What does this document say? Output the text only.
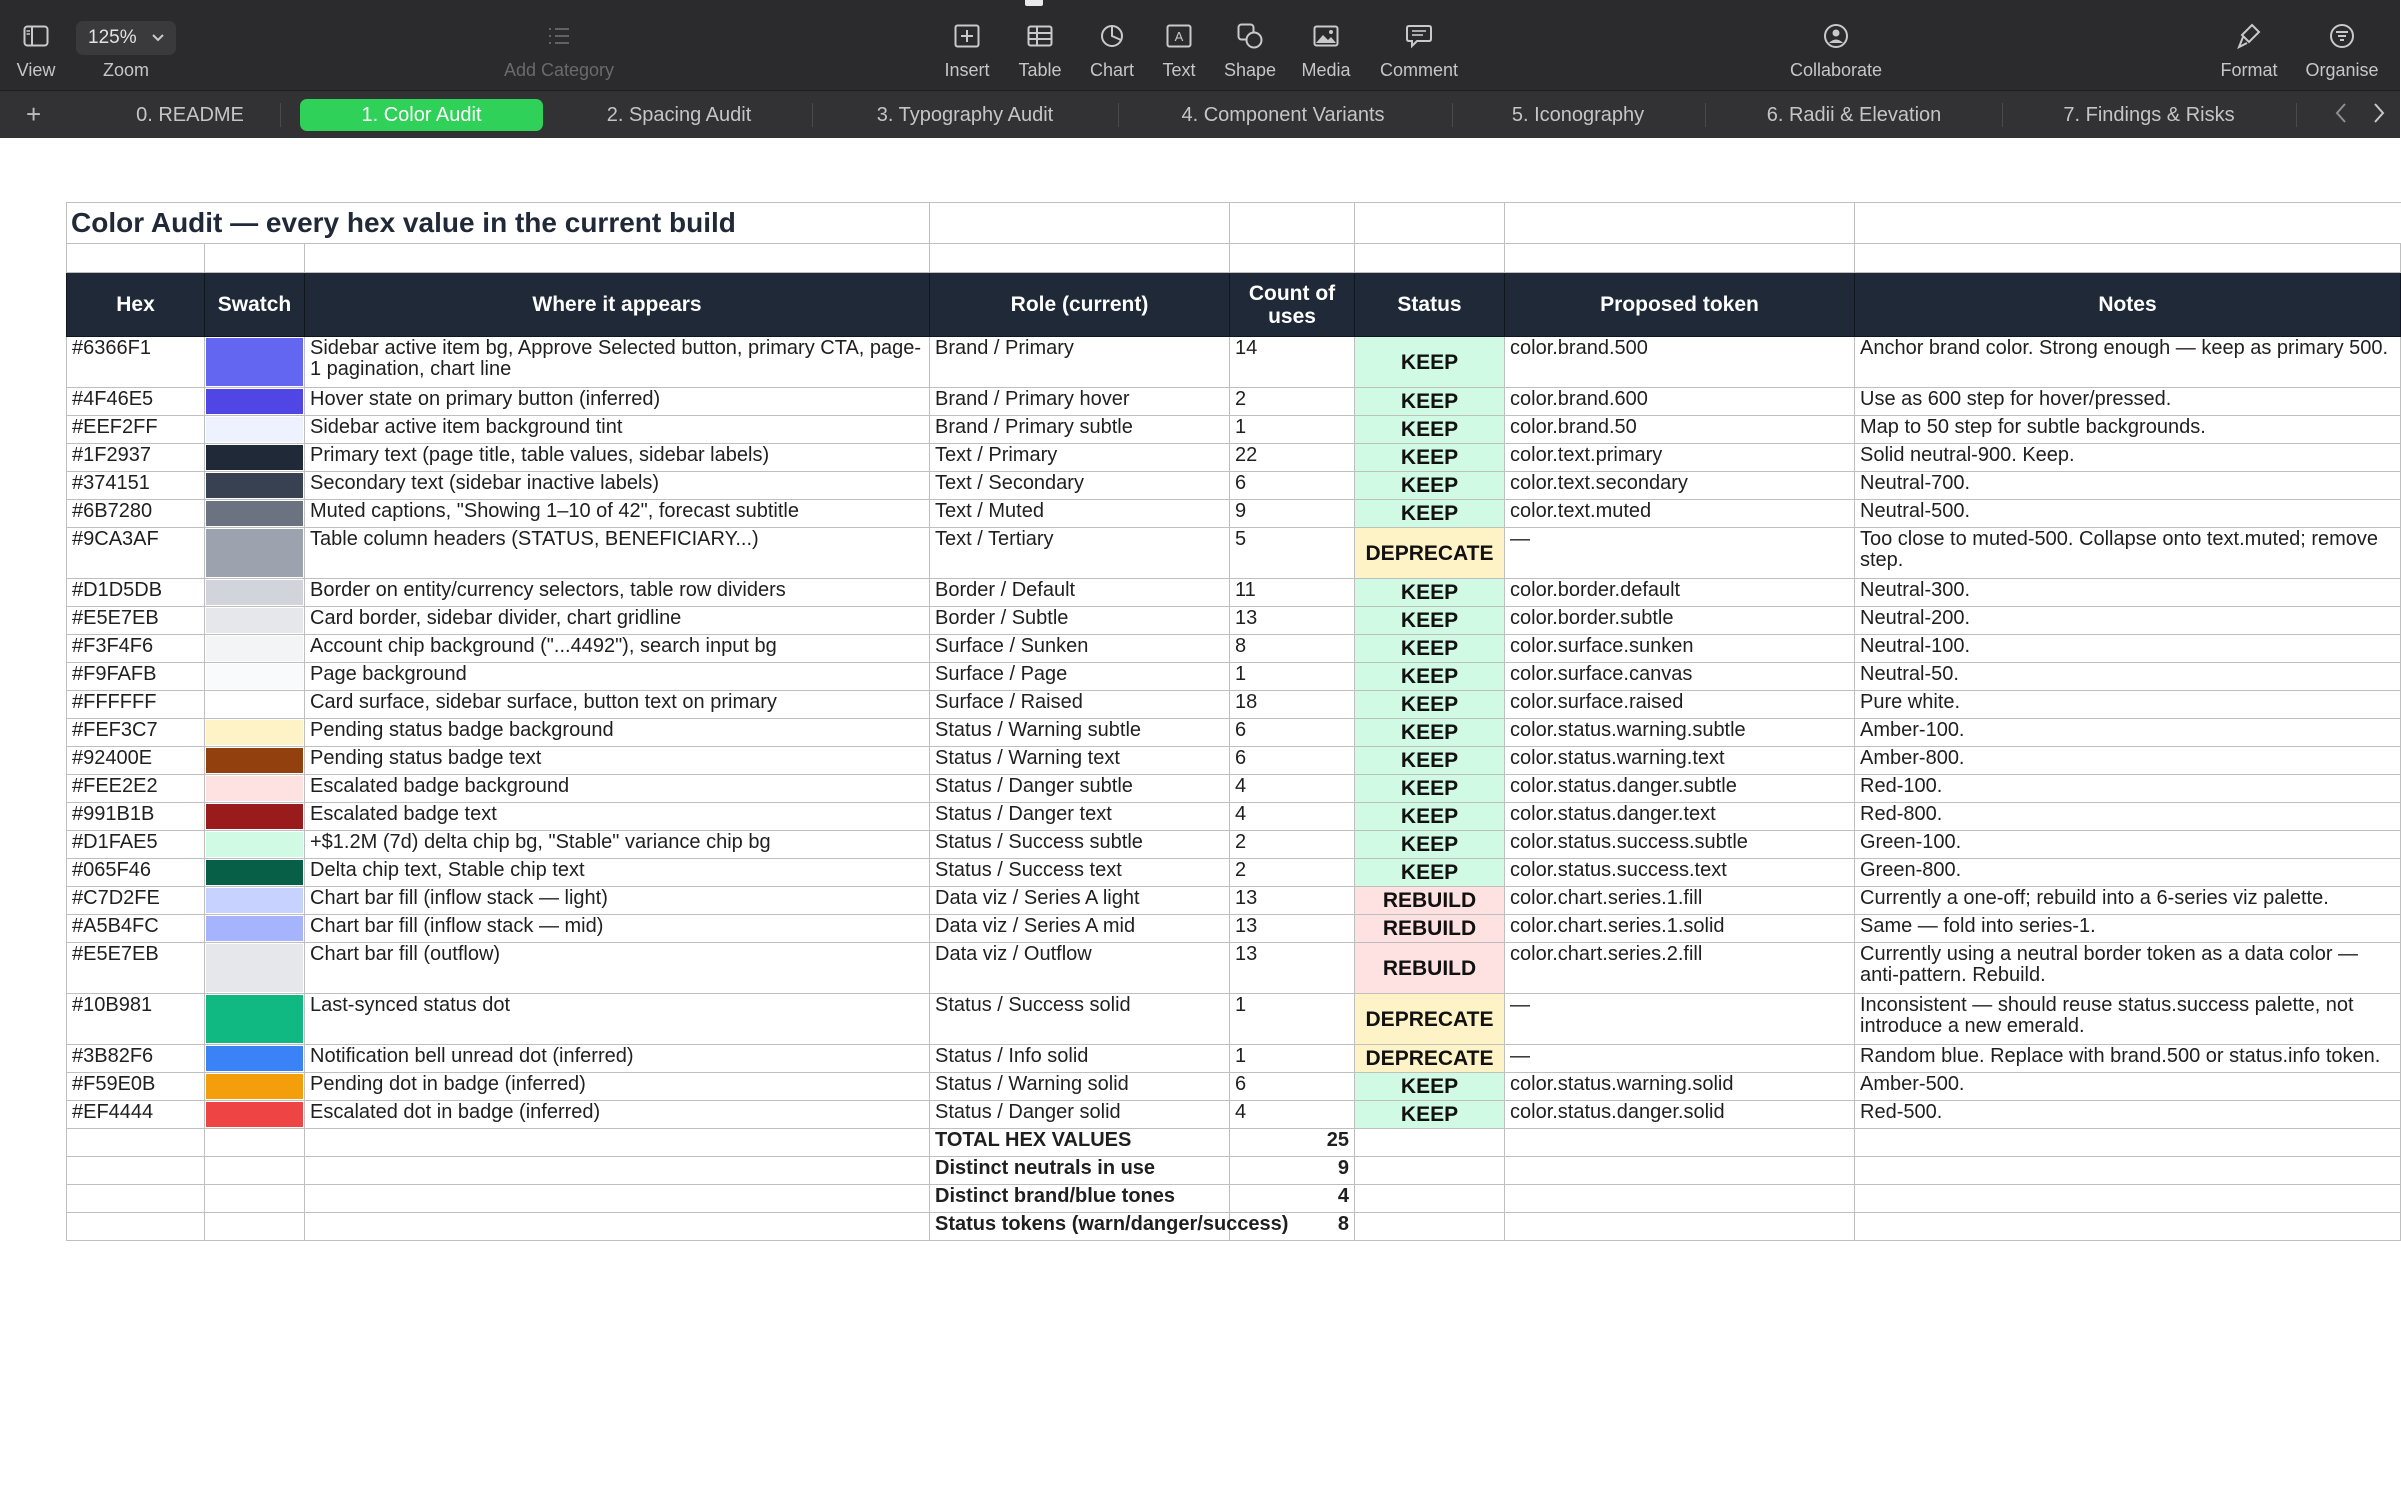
View
125%
Zoom	Add Category	Insert Table Chart
A
Text Shape Media Comment	Collaborate	Format Organise
+	0. README	1. Color Audit	2. Spacing Audit	3. Typography Audit	4. Component Variants	5. Iconography	6. Radii & Elevation	7. Findings & Risks
Color Audit — every hex value in the current build							

Hex	Swatch	Where it appears	Role (current)	Count of uses	Status	Proposed token	Notes
#6366F1		Sidebar active item bg, Approve Selected button, primary CTA, page-1 pagination, chart line	Brand / Primary	14	KEEP	color.brand.500	Anchor brand color. Strong enough — keep as primary 500.
#4F46E5		Hover state on primary button (inferred)	Brand / Primary hover	2	KEEP	color.brand.600	Use as 600 step for hover/pressed.
#EEF2FF		Sidebar active item background tint	Brand / Primary subtle	1	KEEP	color.brand.50	Map to 50 step for subtle backgrounds.
#1F2937		Primary text (page title, table values, sidebar labels)	Text / Primary	22	KEEP	color.text.primary	Solid neutral-900. Keep.
#374151		Secondary text (sidebar inactive labels)	Text / Secondary	6	KEEP	color.text.secondary	Neutral-700.
#6B7280		Muted captions, "Showing 1–10 of 42", forecast subtitle	Text / Muted	9	KEEP	color.text.muted	Neutral-500.
#9CA3AF		Table column headers (STATUS, BENEFICIARY...)	Text / Tertiary	5	DEPRECATE	—	Too close to muted-500. Collapse onto text.muted; remove step.
#D1D5DB		Border on entity/currency selectors, table row dividers	Border / Default	11	KEEP	color.border.default	Neutral-300.
#E5E7EB		Card border, sidebar divider, chart gridline	Border / Subtle	13	KEEP	color.border.subtle	Neutral-200.
#F3F4F6		Account chip background ("...4492"), search input bg	Surface / Sunken	8	KEEP	color.surface.sunken	Neutral-100.
#F9FAFB		Page background	Surface / Page	1	KEEP	color.surface.canvas	Neutral-50.
#FFFFFF		Card surface, sidebar surface, button text on primary	Surface / Raised	18	KEEP	color.surface.raised	Pure white.
#FEF3C7		Pending status badge background	Status / Warning subtle	6	KEEP	color.status.warning.subtle	Amber-100.
#92400E		Pending status badge text	Status / Warning text	6	KEEP	color.status.warning.text	Amber-800.
#FEE2E2		Escalated badge background	Status / Danger subtle	4	KEEP	color.status.danger.subtle	Red-100.
#991B1B		Escalated badge text	Status / Danger text	4	KEEP	color.status.danger.text	Red-800.
#D1FAE5		+$1.2M (7d) delta chip bg, "Stable" variance chip bg	Status / Success subtle	2	KEEP	color.status.success.subtle	Green-100.
#065F46		Delta chip text, Stable chip text	Status / Success text	2	KEEP	color.status.success.text	Green-800.
#C7D2FE		Chart bar fill (inflow stack — light)	Data viz / Series A light	13	REBUILD	color.chart.series.1.fill	Currently a one-off; rebuild into a 6-series viz palette.
#A5B4FC		Chart bar fill (inflow stack — mid)	Data viz / Series A mid	13	REBUILD	color.chart.series.1.solid	Same — fold into series-1.
#E5E7EB		Chart bar fill (outflow)	Data viz / Outflow	13	REBUILD	color.chart.series.2.fill	Currently using a neutral border token as a data color — anti-pattern. Rebuild.
#10B981		Last-synced status dot	Status / Success solid	1	DEPRECATE	—	Inconsistent — should reuse status.success palette, not introduce a new emerald.
#3B82F6		Notification bell unread dot (inferred)	Status / Info solid	1	DEPRECATE	—	Random blue. Replace with brand.500 or status.info token.
#F59E0B		Pending dot in badge (inferred)	Status / Warning solid	6	KEEP	color.status.warning.solid	Amber-500.
#EF4444		Escalated dot in badge (inferred)	Status / Danger solid	4	KEEP	color.status.danger.solid	Red-500.
			TOTAL HEX VALUES	25			
			Distinct neutrals in use	9			
			Distinct brand/blue tones	4			
			Status tokens (warn/danger/success)	8			
